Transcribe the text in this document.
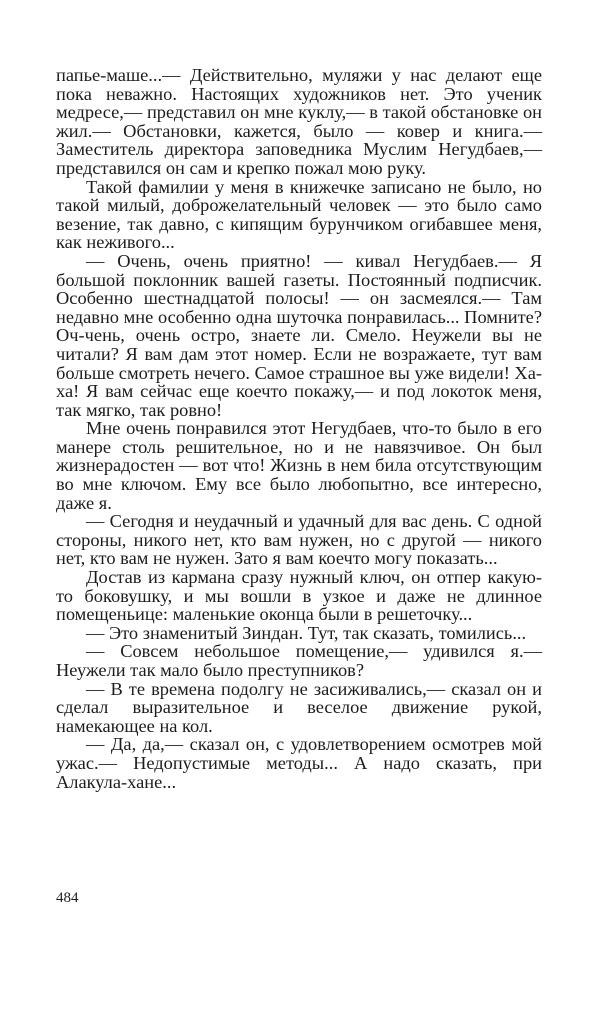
папье-маше...— Действительно, муляжи у нас делают еще пока неважно. Настоящих художников нет. Это ученик медресе,— представил он мне куклу,— в такой обстановке он жил.— Обстановки, кажется, было — ковер и книга.— Заместитель директора заповедника Муслим Негудбаев,— представился он сам и крепко пожал мою руку.

Такой фамилии у меня в книжечке записано не было, но такой милый, доброжелательный человек — это было само везение, так давно, с кипящим бурунчиком огибавшее меня, как неживого...

— Очень, очень приятно! — кивал Негудбаев.— Я большой поклонник вашей газеты. Постоянный подписчик. Особенно шестнадцатой полосы! — он засмеялся.— Там недавно мне особенно одна шуточка понравилась... Помните? Оч-чень, очень остро, знаете ли. Смело. Неужели вы не читали? Я вам дам этот номер. Если не возражаете, тут вам больше смотреть нечего. Самое страшное вы уже видели! Ха-ха! Я вам сейчас еще коечто покажу,— и под локоток меня, так мягко, так ровно!

Мне очень понравился этот Негудбаев, что-то было в его манере столь решительное, но и не навязчивое. Он был жизнерадостен — вот что! Жизнь в нем била отсутствующим во мне ключом. Ему все было любопытно, все интересно, даже я.

— Сегодня и неудачный и удачный для вас день. С одной стороны, никого нет, кто вам нужен, но с другой — никого нет, кто вам не нужен. Зато я вам коечто могу показать...

Достав из кармана сразу нужный ключ, он отпер какую-то боковушку, и мы вошли в узкое и даже не длинное помещеньице: маленькие оконца были в решеточку...

— Это знаменитый Зиндан. Тут, так сказать, томились...

— Совсем небольшое помещение,— удивился я.— Неужели так мало было преступников?

— В те времена подолгу не засиживались,— сказал он и сделал выразительное и веселое движение рукой, намекающее на кол.

— Да, да,— сказал он, с удовлетворением осмотрев мой ужас.— Недопустимые методы... А надо сказать, при Алакула-хане...

484
